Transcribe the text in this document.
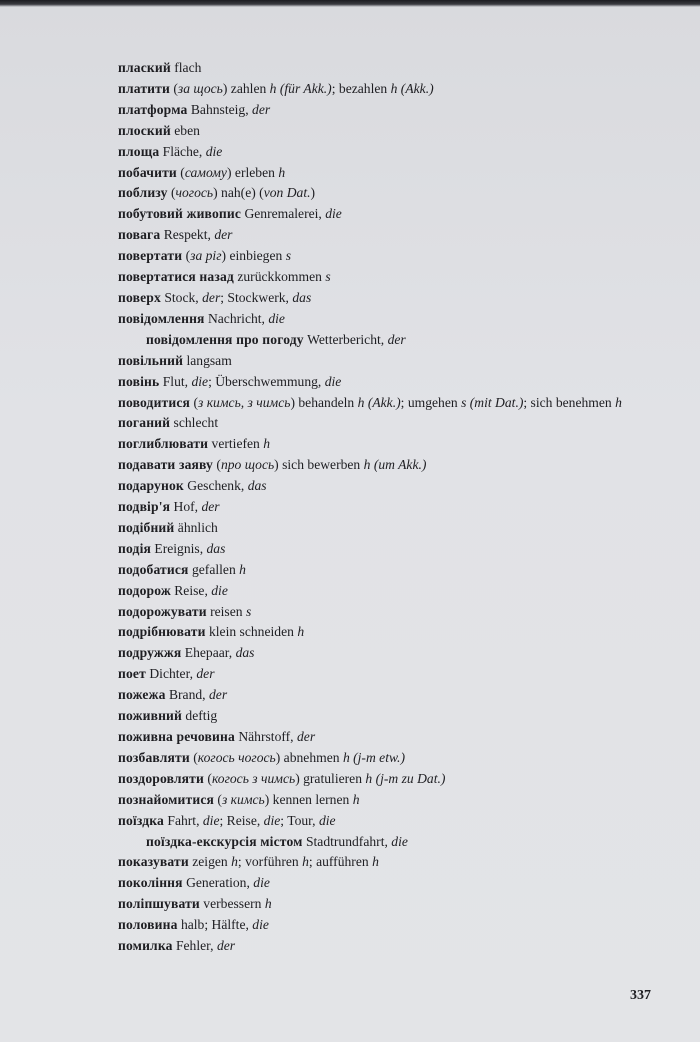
плаский flach

платити (за щось) zahlen h (für Akk.); bezahlen h (Akk.)

платформа Bahnsteig, der

плоский eben

площа Fläche, die

побачити (самому) erleben h

поблизу (чогось) nah(e) (von Dat.)

побутовий живопис Genremalerei, die

повага Respekt, der

повертати (за ріг) einbiegen s

повертатися назад zurückkommen s

поверх Stock, der; Stockwerk, das

повідомлення Nachricht, die

повідомлення про погоду Wetterbericht, der

повільний langsam

повінь Flut, die; Überschwemmung, die

поводитися (з кимсь, з чимсь) behandeln h (Akk.); umgehen s (mit Dat.); sich benehmen h

поганий schlecht

поглиблювати vertiefen h

подавати заяву (про щось) sich bewerben h (um Akk.)

подарунок Geschenk, das

подвір'я Hof, der

подібний ähnlich

подія Ereignis, das

подобатися gefallen h

подорож Reise, die

подорожувати reisen s

подрібнювати klein schneiden h

подружжя Ehepaar, das

поет Dichter, der

пожежа Brand, der

поживний deftig

поживна речовина Nährstoff, der

позбавляти (когось чогось) abnehmen h (j-m etw.)

поздоровляти (когось з чимсь) gratulieren h (j-m zu Dat.)

познайомитися (з кимсь) kennen lernen h

поїздка Fahrt, die; Reise, die; Tour, die

поїздка-екскурсія містом Stadtrundfahrt, die

показувати zeigen h; vorführen h; aufführen h

покоління Generation, die

поліпшувати verbessern h

половина halb; Hälfte, die

помилка Fehler, der

337
